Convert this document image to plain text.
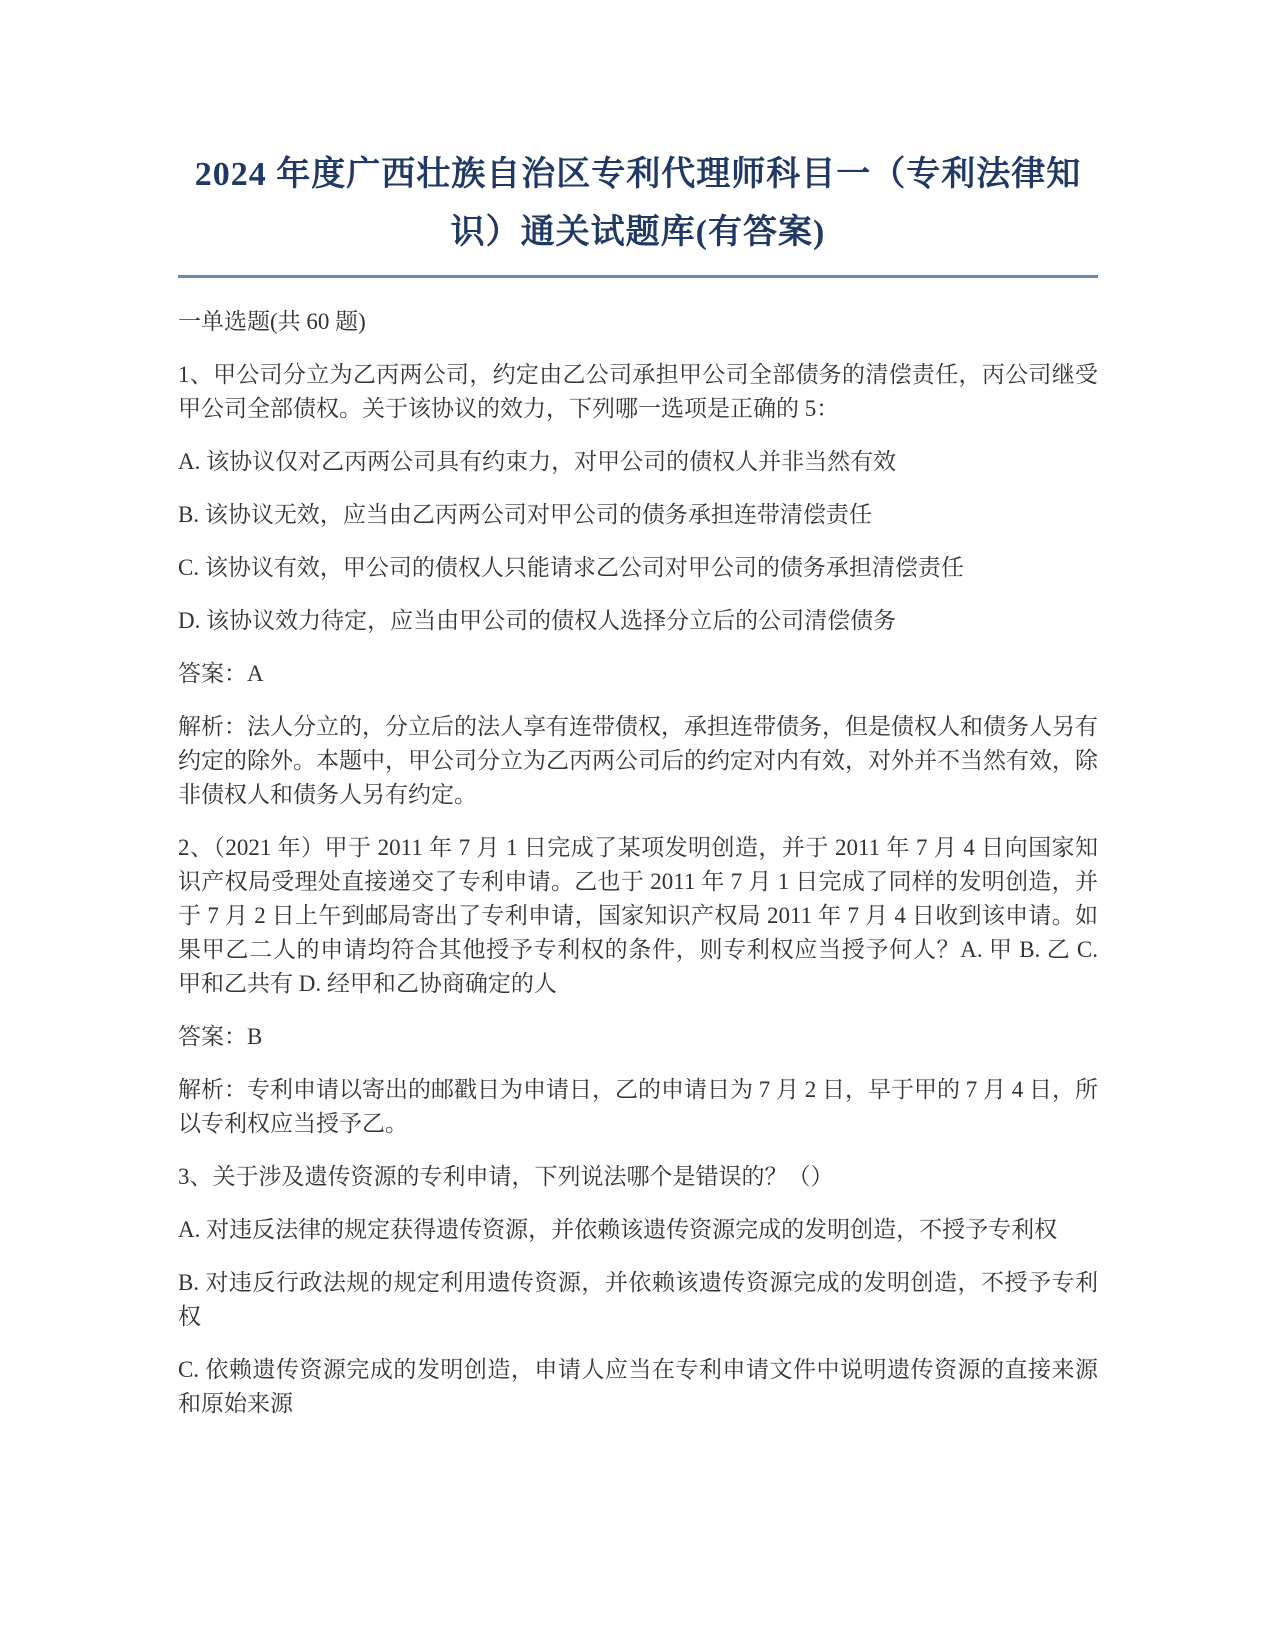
2024 年度广西壮族自治区专利代理师科目一（专利法律知
识）通关试题库(有答案)

一单选题(共 60 题)

1、甲公司分立为乙丙两公司，约定由乙公司承担甲公司全部债务的清偿责任，丙公司继受甲公司全部债权。关于该协议的效力，下列哪一选项是正确的 5：

A. 该协议仅对乙丙两公司具有约束力，对甲公司的债权人并非当然有效

B. 该协议无效，应当由乙丙两公司对甲公司的债务承担连带清偿责任

C. 该协议有效，甲公司的债权人只能请求乙公司对甲公司的债务承担清偿责任

D. 该协议效力待定，应当由甲公司的债权人选择分立后的公司清偿债务

答案：A

解析：法人分立的，分立后的法人享有连带债权，承担连带债务，但是债权人和债务人另有约定的除外。本题中，甲公司分立为乙丙两公司后的约定对内有效，对外并不当然有效，除非债权人和债务人另有约定。

2、（2021 年）甲于 2011 年 7 月 1 日完成了某项发明创造，并于 2011 年 7 月 4 日向国家知识产权局受理处直接递交了专利申请。乙也于 2011 年 7 月 1 日完成了同样的发明创造，并于 7 月 2 日上午到邮局寄出了专利申请，国家知识产权局 2011 年 7 月 4 日收到该申请。如果甲乙二人的申请均符合其他授予专利权的条件，则专利权应当授予何人？A. 甲 B. 乙 C. 甲和乙共有 D. 经甲和乙协商确定的人

答案：B

解析：专利申请以寄出的邮戳日为申请日，乙的申请日为 7 月 2 日，早于甲的 7 月 4 日，所以专利权应当授予乙。

3、关于涉及遗传资源的专利申请，下列说法哪个是错误的？（）

A. 对违反法律的规定获得遗传资源，并依赖该遗传资源完成的发明创造，不授予专利权

B. 对违反行政法规的规定利用遗传资源，并依赖该遗传资源完成的发明创造，不授予专利权

C. 依赖遗传资源完成的发明创造，申请人应当在专利申请文件中说明遗传资源的直接来源和原始来源
